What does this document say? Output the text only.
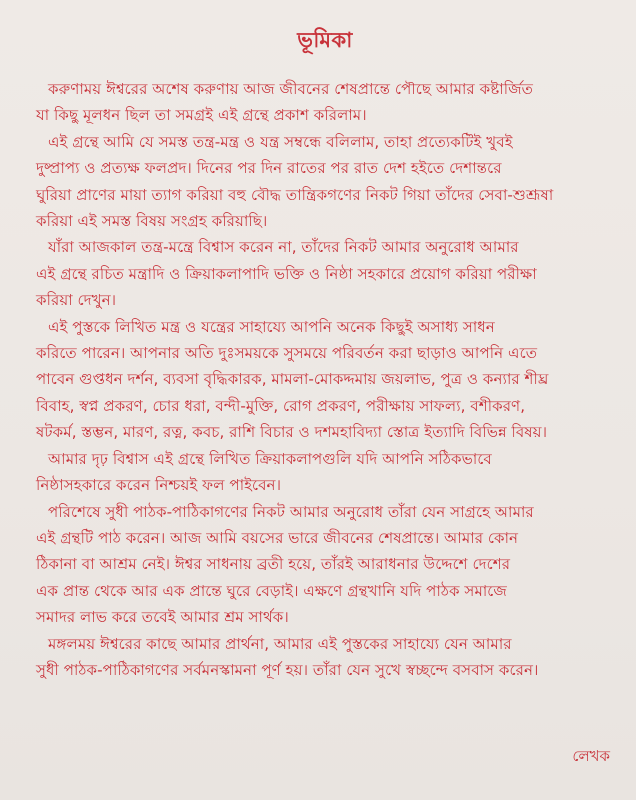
ভূমিকা

করুণাময় ঈশ্বরের অশেষ করুণায় আজ জীবনের শেষপ্রান্তে পৌছে আমার কষ্টার্জিত
যা কিছু মূলধন ছিল তা সমগ্রই এই গ্রন্থে প্রকাশ করিলাম।

এই গ্রন্থে আমি যে সমস্ত তন্ত্র-মন্ত্র ও যন্ত্র সম্বন্ধে বলিলাম, তাহা প্রত্যেকটিই খুবই
দুষ্প্রাপ্য ও প্রত্যক্ষ ফলপ্রদ। দিনের পর দিন রাতের পর রাত দেশ হইতে দেশান্তরে
ঘুরিয়া প্রাণের মায়া ত্যাগ করিয়া বহু বৌদ্ধ তান্ত্রিকগণের নিকট গিয়া তাঁদের সেবা-শুশ্রূষা
করিয়া এই সমস্ত বিষয় সংগ্রহ করিয়াছি।

যাঁরা আজকাল তন্ত্র-মন্ত্রে বিশ্বাস করেন না, তাঁদের নিকট আমার অনুরোধ আমার
এই গ্রন্থে রচিত মন্ত্রাদি ও ক্রিয়াকলাপাদি ভক্তি ও নিষ্ঠা সহকারে প্রয়োগ করিয়া পরীক্ষা
করিয়া দেখুন।

এই পুস্তকে লিখিত মন্ত্র ও যন্ত্রের সাহায্যে আপনি অনেক কিছুই অসাধ্য সাধন
করিতে পারেন। আপনার অতি দুঃসময়কে সুসময়ে পরিবর্তন করা ছাড়াও আপনি এতে
পাবেন গুপ্তধন দর্শন, ব্যবসা বৃদ্ধিকারক, মামলা-মোকদ্দমায় জয়লাভ, পুত্র ও কন্যার শীঘ্র
বিবাহ, স্বপ্ন প্রকরণ, চোর ধরা, বন্দী-মুক্তি, রোগ প্রকরণ, পরীক্ষায় সাফল্য, বশীকরণ,
ষটকর্ম, স্তম্ভন, মারণ, রত্ন, কবচ, রাশি বিচার ও দশমহাবিদ্যা স্তোত্র ইত্যাদি বিভিন্ন বিষয়।

আমার দৃঢ় বিশ্বাস এই গ্রন্থে লিখিত ক্রিয়াকলাপগুলি যদি আপনি সঠিকভাবে
নিষ্ঠাসহকারে করেন নিশ্চয়ই ফল পাইবেন।

পরিশেষে সুধী পাঠক-পাঠিকাগণের নিকট আমার অনুরোধ তাঁরা যেন সাগ্রহে আমার
এই গ্রন্থটি পাঠ করেন। আজ আমি বয়সের ভারে জীবনের শেষপ্রান্তে। আমার কোন
ঠিকানা বা আশ্রম নেই। ঈশ্বর সাধনায় ব্রতী হয়ে, তাঁরই আরাধনার উদ্দেশে দেশের
এক প্রান্ত থেকে আর এক প্রান্তে ঘুরে বেড়াই। এক্ষণে গ্রন্থখানি যদি পাঠক সমাজে
সমাদর লাভ করে তবেই আমার শ্রম সার্থক।

মঙ্গলময় ঈশ্বরের কাছে আমার প্রার্থনা, আমার এই পুস্তকের সাহায্যে যেন আমার
সুধী পাঠক-পাঠিকাগণের সর্বমনস্কামনা পূর্ণ হয়। তাঁরা যেন সুখে স্বচ্ছন্দে বসবাস করেন।

লেখক
